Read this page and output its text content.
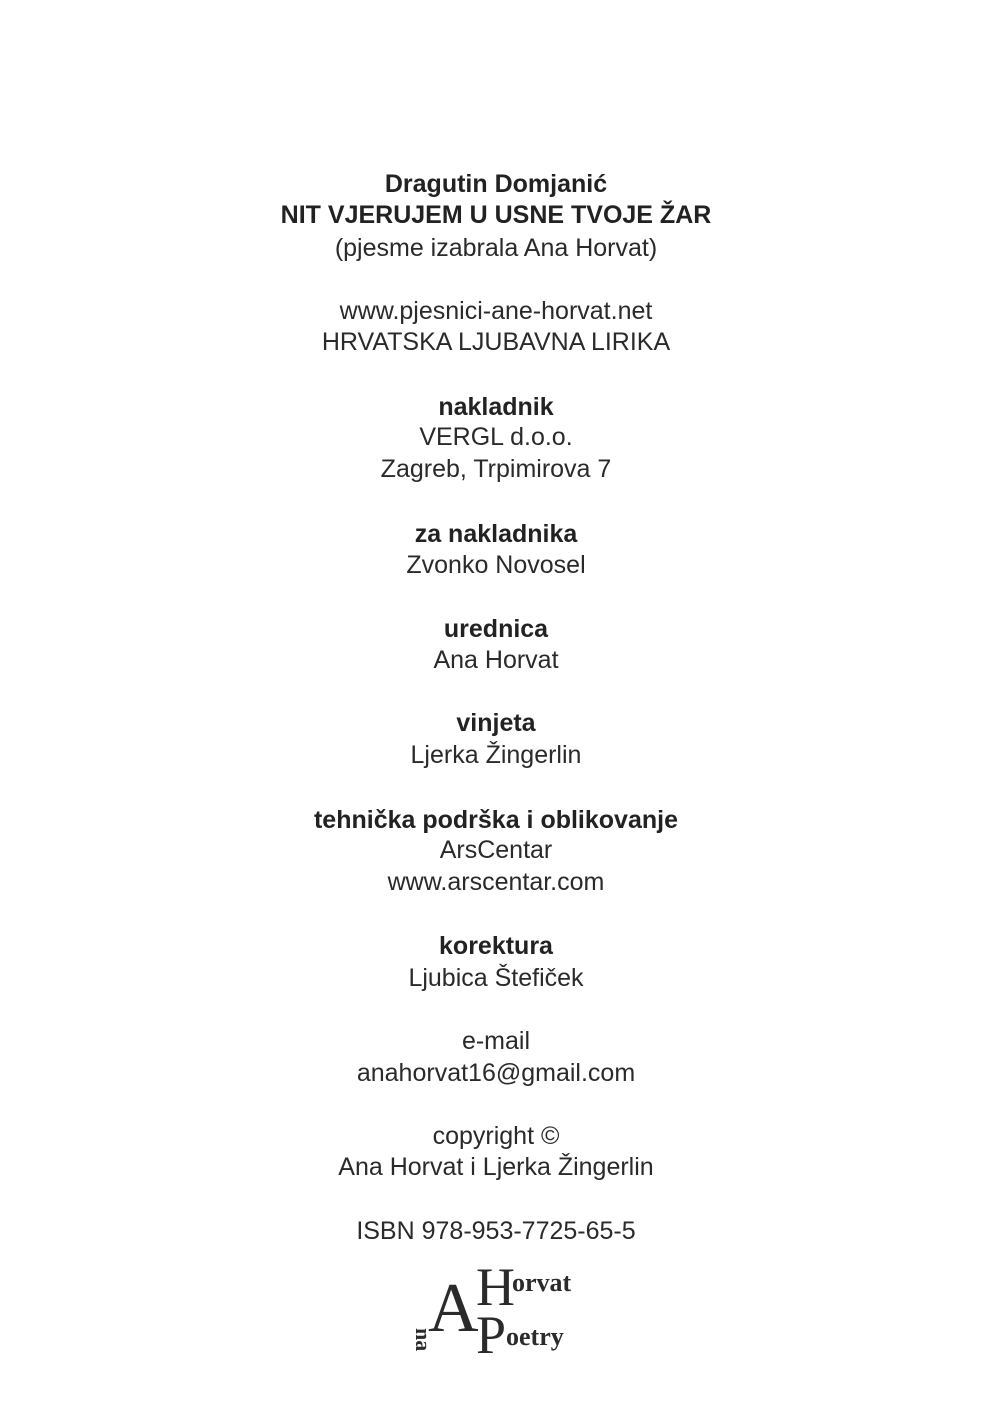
Dragutin Domjanić
NIT VJERUJEM U USNE TVOJE ŽAR
(pjesme izabrala Ana Horvat)
www.pjesnici-ane-horvat.net
HRVATSKA LJUBAVNA LIRIKA
nakladnik
VERGL d.o.o.
Zagreb, Trpimirova 7
za nakladnika
Zvonko Novosel
urednica
Ana Horvat
vinjeta
Ljerka Žingerlin
tehnička podrška i oblikovanje
ArsCentar
www.arscentar.com
korektura
Ljubica Štefiček
e-mail
anahorvat16@gmail.com
copyright ©
Ana Horvat i Ljerka Žingerlin
ISBN 978-953-7725-65-5
A
H
orvat
na P oetry
